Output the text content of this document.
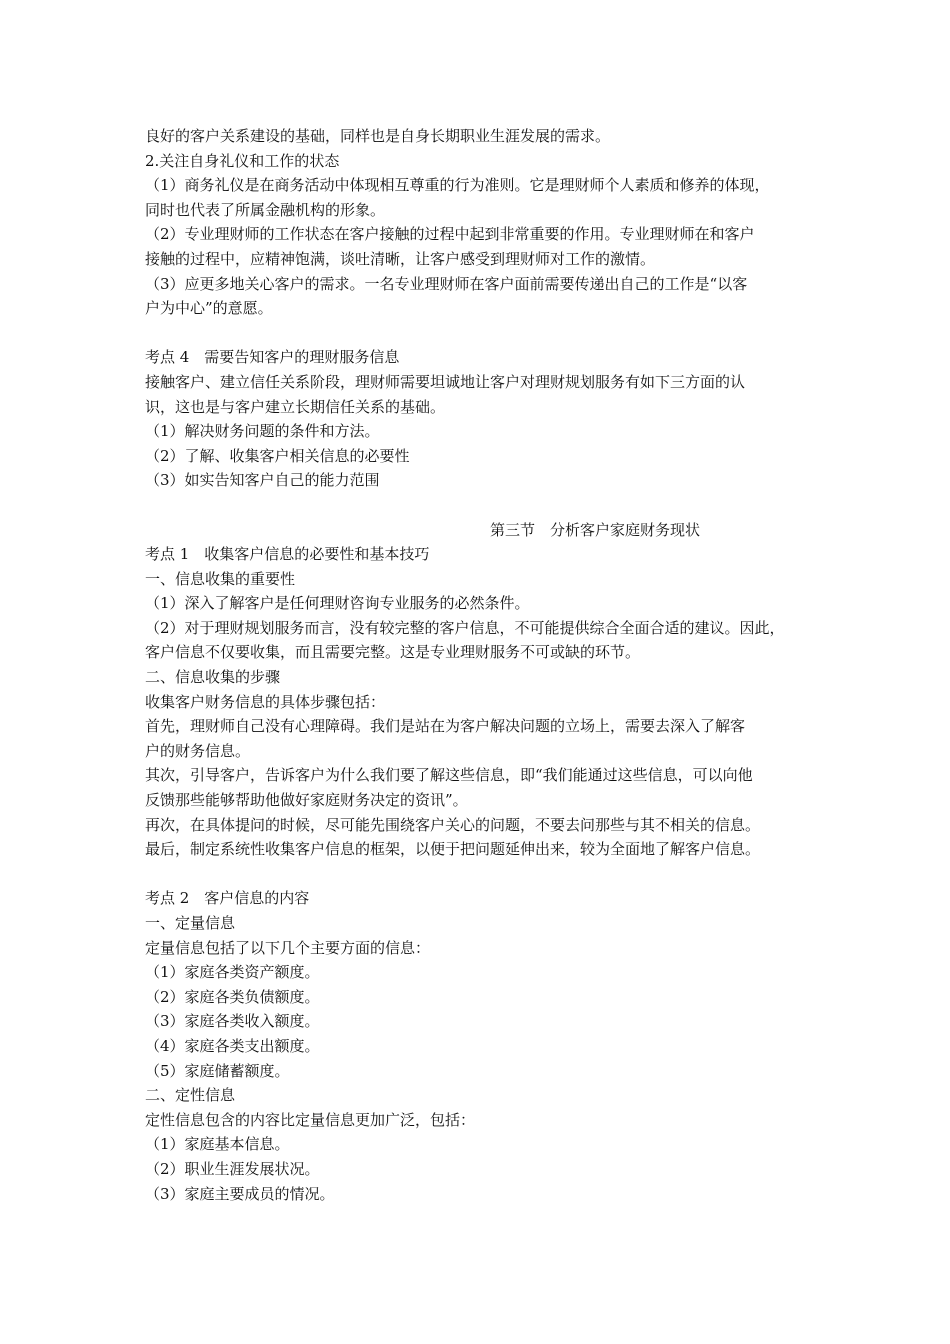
良好的客户关系建设的基础，同样也是自身长期职业生涯发展的需求。
2.关注自身礼仪和工作的状态
（1）商务礼仪是在商务活动中体现相互尊重的行为准则。它是理财师个人素质和修养的体现，
同时也代表了所属金融机构的形象。
（2）专业理财师的工作状态在客户接触的过程中起到非常重要的作用。专业理财师在和客户
接触的过程中，应精神饱满，谈吐清晰，让客户感受到理财师对工作的激情。
（3）应更多地关心客户的需求。一名专业理财师在客户面前需要传递出自己的工作是“以客
户为中心”的意愿。
考点 4　需要告知客户的理财服务信息
接触客户、建立信任关系阶段，理财师需要坦诚地让客户对理财规划服务有如下三方面的认
识，这也是与客户建立长期信任关系的基础。
（1）解决财务问题的条件和方法。
（2）了解、收集客户相关信息的必要性
（3）如实告知客户自己的能力范围
第三节　分析客户家庭财务现状
考点 1　收集客户信息的必要性和基本技巧
一、信息收集的重要性
（1）深入了解客户是任何理财咨询专业服务的必然条件。
（2）对于理财规划服务而言，没有较完整的客户信息，不可能提供综合全面合适的建议。因此，
客户信息不仅要收集，而且需要完整。这是专业理财服务不可或缺的环节。
二、信息收集的步骤
收集客户财务信息的具体步骤包括：
首先，理财师自己没有心理障碍。我们是站在为客户解决问题的立场上，需要去深入了解客
户的财务信息。
其次，引导客户，告诉客户为什么我们要了解这些信息，即“我们能通过这些信息，可以向他
反馈那些能够帮助他做好家庭财务决定的资讯”。
再次，在具体提问的时候，尽可能先围绕客户关心的问题，不要去问那些与其不相关的信息。
最后，制定系统性收集客户信息的框架，以便于把问题延伸出来，较为全面地了解客户信息。
考点 2　客户信息的内容
一、定量信息
定量信息包括了以下几个主要方面的信息：
（1）家庭各类资产额度。
（2）家庭各类负债额度。
（3）家庭各类收入额度。
（4）家庭各类支出额度。
（5）家庭储蓄额度。
二、定性信息
定性信息包含的内容比定量信息更加广泛，包括：
（1）家庭基本信息。
（2）职业生涯发展状况。
（3）家庭主要成员的情况。
